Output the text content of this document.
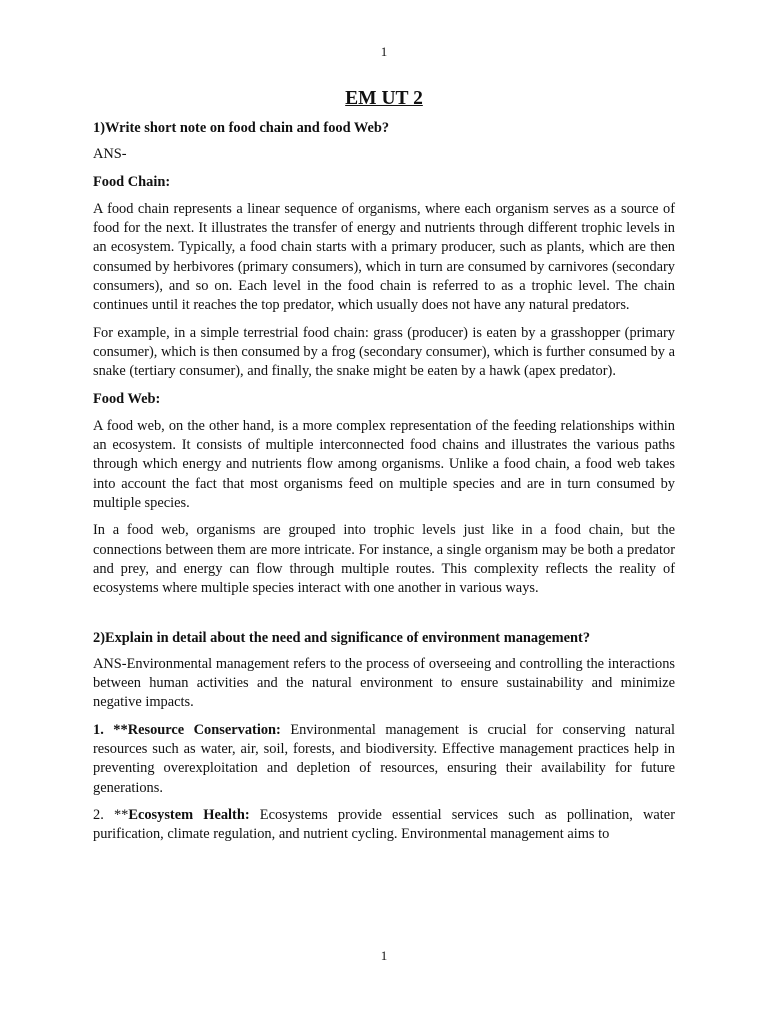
1
EM UT 2
1)Write short note on food chain and food Web?
ANS-
Food Chain:
A food chain represents a linear sequence of organisms, where each organism serves as a source of food for the next. It illustrates the transfer of energy and nutrients through different trophic levels in an ecosystem. Typically, a food chain starts with a primary producer, such as plants, which are then consumed by herbivores (primary consumers), which in turn are consumed by carnivores (secondary consumers), and so on. Each level in the food chain is referred to as a trophic level. The chain continues until it reaches the top predator, which usually does not have any natural predators.
For example, in a simple terrestrial food chain: grass (producer) is eaten by a grasshopper (primary consumer), which is then consumed by a frog (secondary consumer), which is further consumed by a snake (tertiary consumer), and finally, the snake might be eaten by a hawk (apex predator).
Food Web:
A food web, on the other hand, is a more complex representation of the feeding relationships within an ecosystem. It consists of multiple interconnected food chains and illustrates the various paths through which energy and nutrients flow among organisms. Unlike a food chain, a food web takes into account the fact that most organisms feed on multiple species and are in turn consumed by multiple species.
In a food web, organisms are grouped into trophic levels just like in a food chain, but the connections between them are more intricate. For instance, a single organism may be both a predator and prey, and energy can flow through multiple routes. This complexity reflects the reality of ecosystems where multiple species interact with one another in various ways.
2)Explain in detail about the need and significance of environment management?
ANS-Environmental management refers to the process of overseeing and controlling the interactions between human activities and the natural environment to ensure sustainability and minimize negative impacts.
1. **Resource Conservation: Environmental management is crucial for conserving natural resources such as water, air, soil, forests, and biodiversity. Effective management practices help in preventing overexploitation and depletion of resources, ensuring their availability for future generations.
2. **Ecosystem Health: Ecosystems provide essential services such as pollination, water purification, climate regulation, and nutrient cycling. Environmental management aims to
1
